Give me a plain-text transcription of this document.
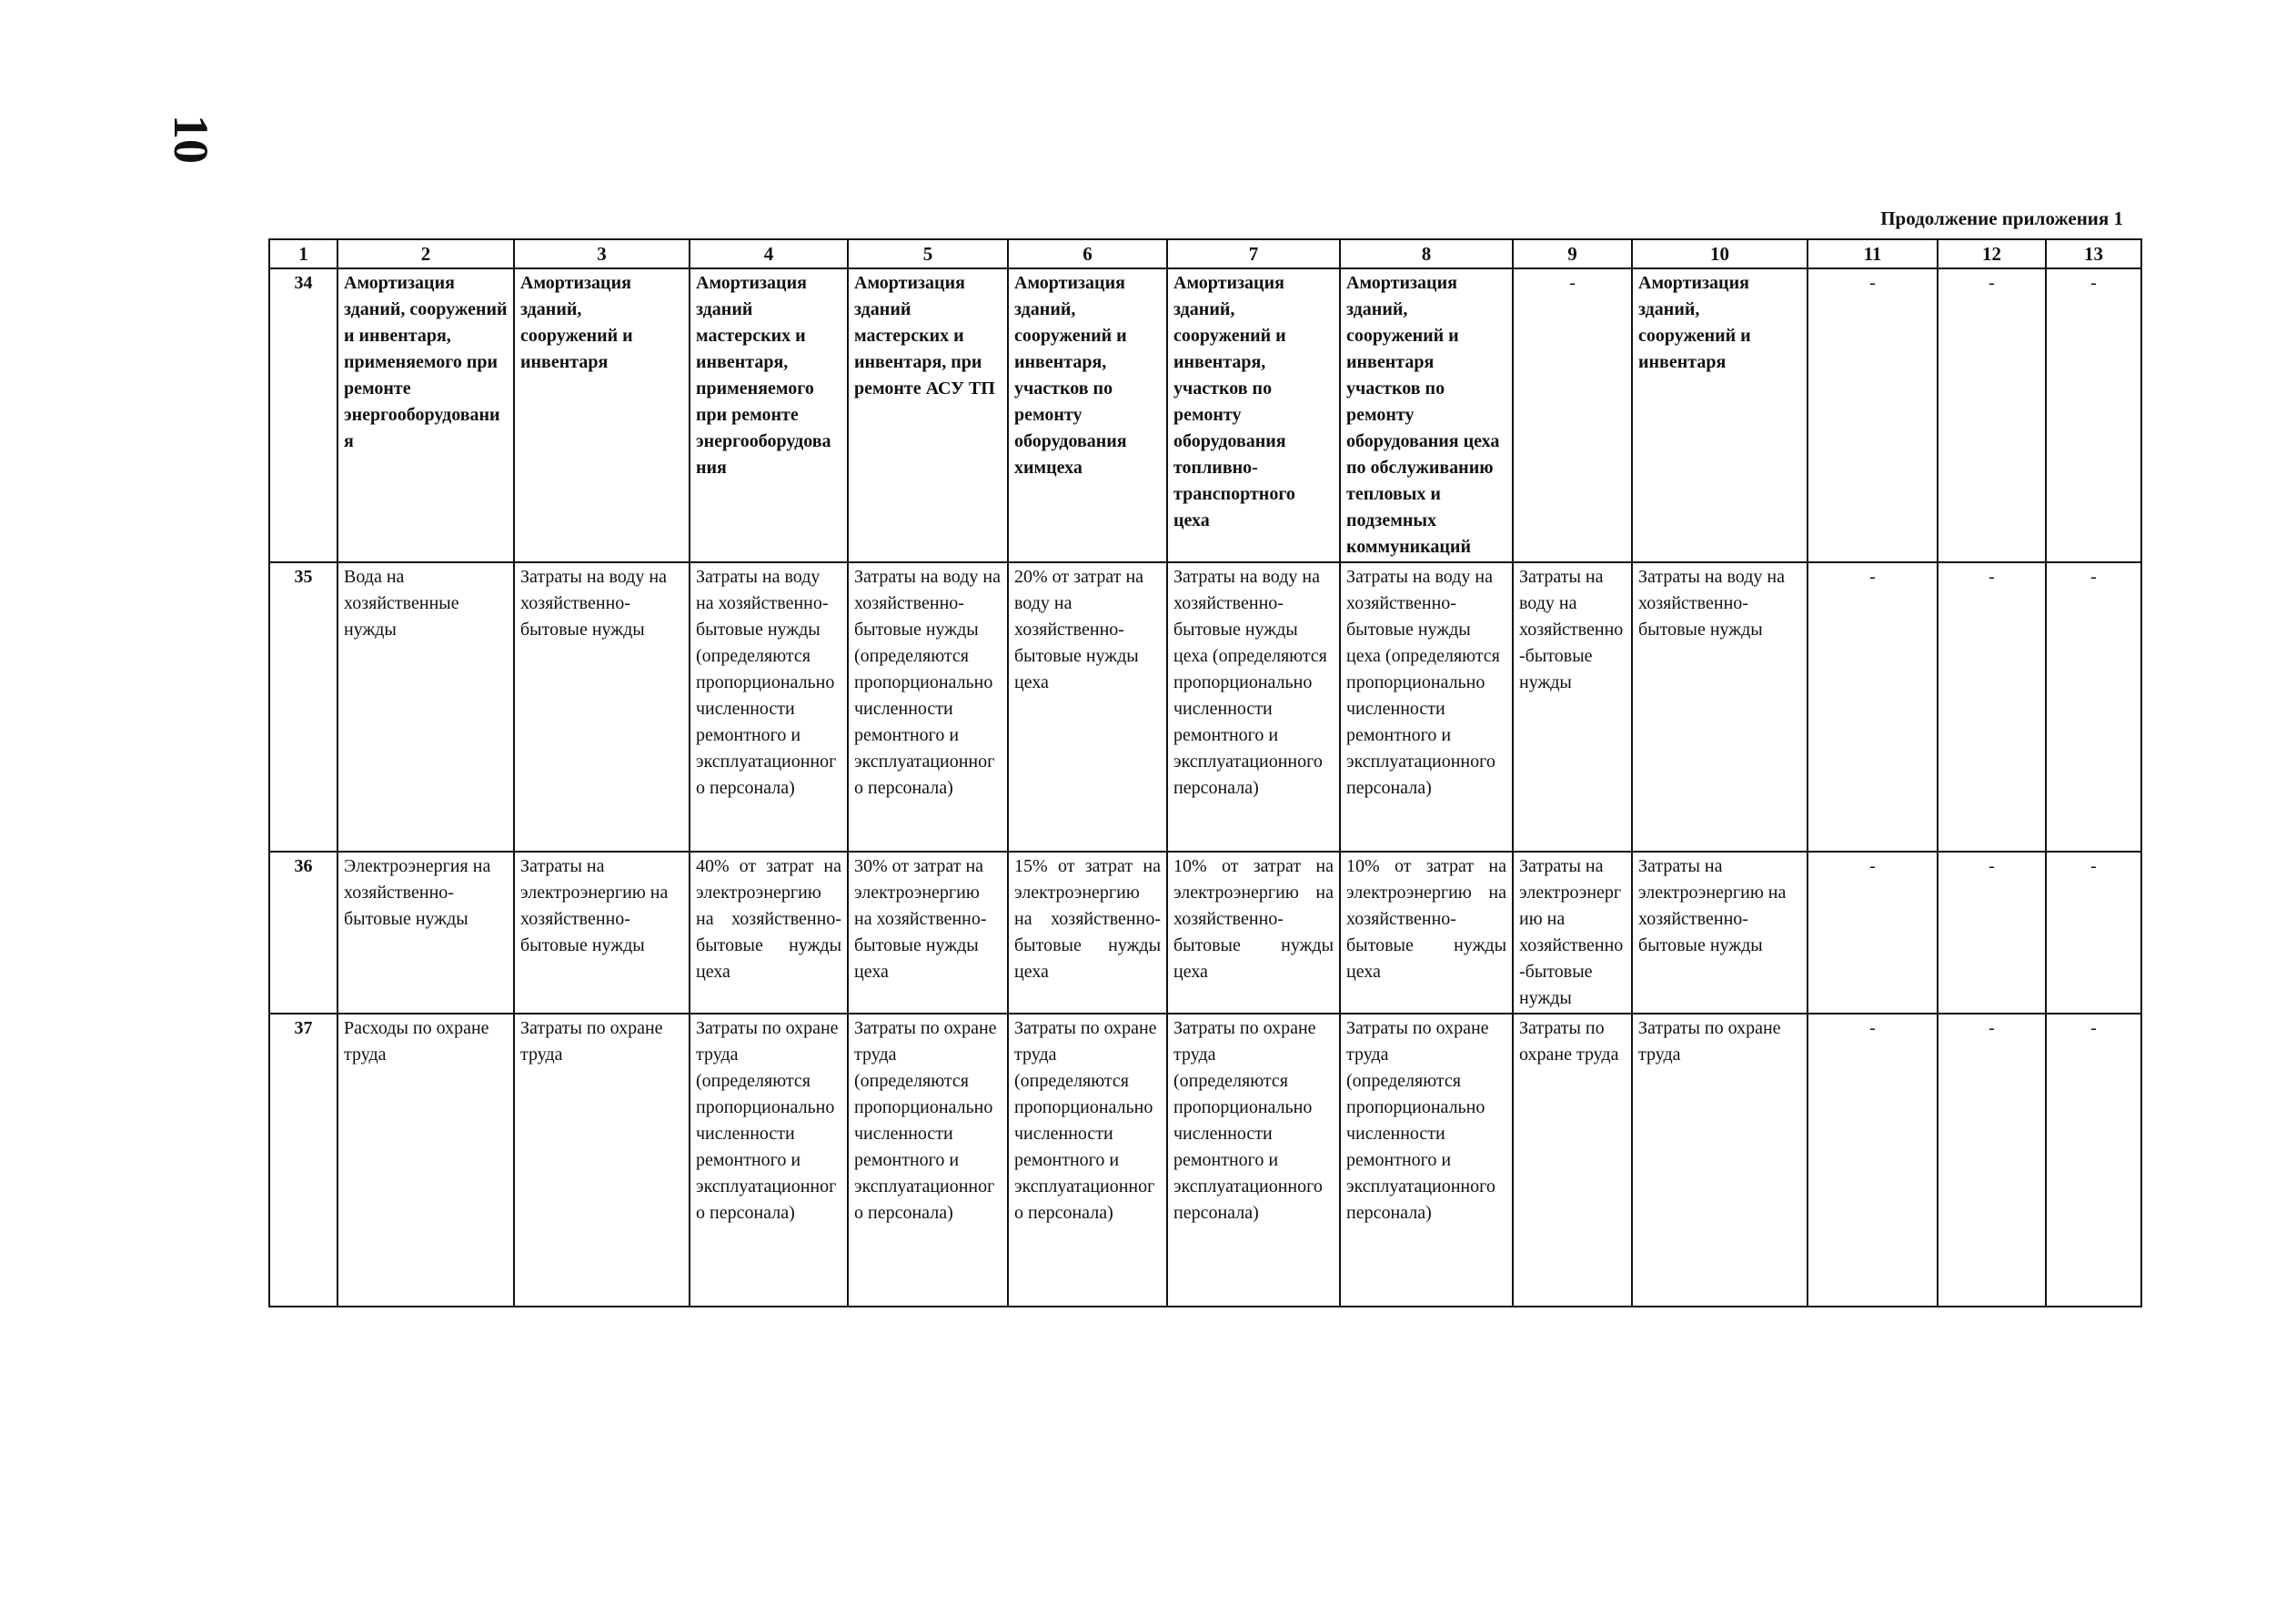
10
Продолжение приложения 1
1	2	3	4	5	6	7	8	9	10	11	12	13
34	Амортизация зданий, сооружений и инвентаря, применяемого при ремонте энергооборудования	Амортизация зданий, сооружений и инвентаря	Амортизация зданий мастерских и инвентаря, применяемого при ремонте энергооборудования	Амортизация зданий мастерских и инвентаря, при ремонте АСУ ТП	Амортизация зданий, сооружений и инвентаря, участков по ремонту оборудования химцеха	Амортизация зданий, сооружений и инвентаря, участков по ремонту оборудования топливно-транспортного цеха	Амортизация зданий, сооружений и инвентаря участков по ремонту оборудования цеха по обслуживанию тепловых и подземных коммуникаций	-	Амортизация зданий, сооружений и инвентаря	-	-	-
35	Вода на хозяйственные нужды	Затраты на воду на хозяйственно-бытовые нужды	Затраты на воду на хозяйственно-бытовые нужды (определяются пропорционально численности ремонтного и эксплуатационного персонала)	Затраты на воду на хозяйственно- бытовые нужды (определяются пропорционально численности ремонтного и эксплуатационного персонала)	20% от затрат на воду на хозяйственно-бытовые нужды цеха	Затраты на воду на хозяйственно-бытовые нужды цеха (определяются пропорционально численности ремонтного и эксплуатационного персонала)	Затраты на воду на хозяйственно-бытовые нужды цеха (определяются пропорционально численности ремонтного и эксплуатационного персонала)	Затраты на воду на хозяйственно-бытовые нужды	Затраты на воду на хозяйственно-бытовые нужды	-	-	-
36	Электроэнергия на хозяйственно-бытовые нужды	Затраты на электроэнергию на хозяйственно-бытовые нужды	40% от затрат на электроэнергию на хозяйственно-бытовые нужды цеха	30% от затрат на электроэнергию на хозяйственно-бытовые нужды цеха	15% от затрат на электроэнергию на хозяйственно-бытовые нужды цеха	10% от затрат на электроэнергию на хозяйственно-бытовые нужды цеха	10% от затрат на электроэнергию на хозяйственно-бытовые нужды цеха	Затраты на электроэнергию на хозяйственно-бытовые нужды	Затраты на электроэнергию на хозяйственно-бытовые нужды	-	-	-
37	Расходы по охране труда	Затраты по охране труда	Затраты по охране труда (определяются пропорционально численности ремонтного и эксплуатационного персонала)	Затраты по охране труда (определяются пропорционально численности ремонтного и эксплуатационного персонала)	Затраты по охране труда (определяются пропорционально численности ремонтного и эксплуатационного персонала)	Затраты по охране труда (определяются пропорционально численности ремонтного и эксплуатационного персонала)	Затраты по охране труда (определяются пропорционально численности ремонтного и эксплуатационного персонала)	Затраты по охране труда	Затраты по охране труда	-	-	-
